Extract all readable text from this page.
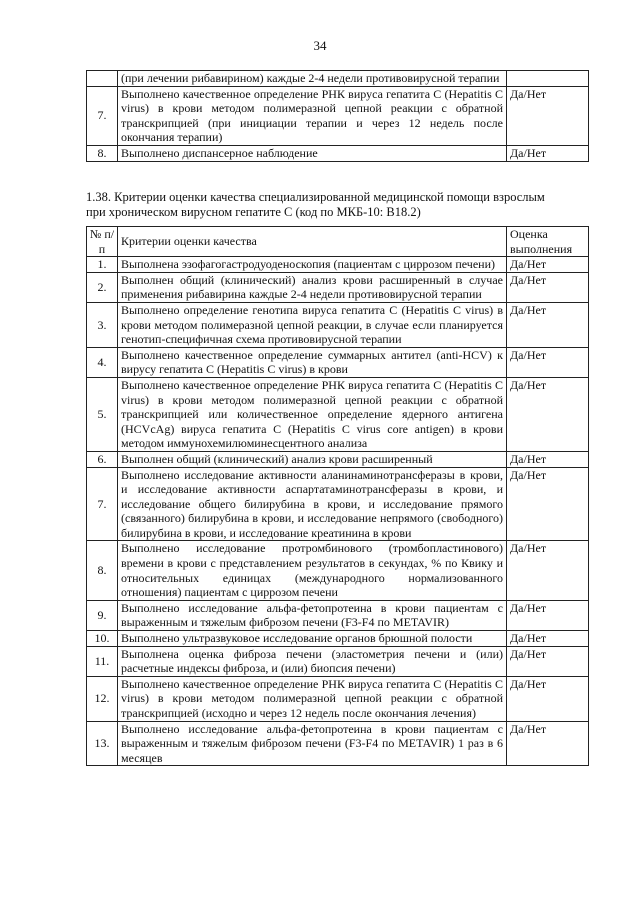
34
	(при лечении рибавирином) каждые 2-4 недели противовирусной терапии	
7.	Выполнено качественное определение РНК вируса гепатита С (Hepatitis C virus) в крови методом полимеразной цепной реакции с обратной транскрипцией (при инициации терапии и через 12 недель после окончания терапии)	Да/Нет
8.	Выполнено диспансерное наблюдение	Да/Нет
1.38. Критерии оценки качества специализированной медицинской помощи взрослым
при хроническом вирусном гепатите С (код по МКБ-10: B18.2)
№ п/п	Критерии оценки качества	Оценка выполнения
1.	Выполнена эзофагогастродуоденоскопия (пациентам с циррозом печени)	Да/Нет
2.	Выполнен общий (клинический) анализ крови расширенный в случае применения рибавирина каждые 2-4 недели противовирусной терапии	Да/Нет
3.	Выполнено определение генотипа вируса гепатита С (Hepatitis C virus) в крови методом полимеразной цепной реакции, в случае если планируется генотип-специфичная схема противовирусной терапии	Да/Нет
4.	Выполнено качественное определение суммарных антител (anti-HCV) к вирусу гепатита С (Hepatitis C virus) в крови	Да/Нет
5.	Выполнено качественное определение РНК вируса гепатита С (Hepatitis C virus) в крови методом полимеразной цепной реакции с обратной транскрипцией или количественное определение ядерного антигена (HCVcAg) вируса гепатита С (Hepatitis C virus core antigen) в крови методом иммунохемилюминесцентного анализа	Да/Нет
6.	Выполнен общий (клинический) анализ крови расширенный	Да/Нет
7.	Выполнено исследование активности аланинаминотрансферазы в крови, и исследование активности аспартатаминотрансферазы в крови, и исследование общего билирубина в крови, и исследование прямого (связанного) билирубина в крови, и исследование непрямого (свободного) билирубина в крови, и исследование креатинина в крови	Да/Нет
8.	Выполнено исследование протромбинового (тромбопластинового) времени в крови с представлением результатов в секундах, % по Квику и относительных единицах (международного нормализованного отношения) пациентам с циррозом печени	Да/Нет
9.	Выполнено исследование альфа-фетопротеина в крови пациентам с выраженным и тяжелым фиброзом печени (F3-F4 по METAVIR)	Да/Нет
10.	Выполнено ультразвуковое исследование органов брюшной полости	Да/Нет
11.	Выполнена оценка фиброза печени (эластометрия печени и (или) расчетные индексы фиброза, и (или) биопсия печени)	Да/Нет
12.	Выполнено качественное определение РНК вируса гепатита С (Hepatitis C virus) в крови методом полимеразной цепной реакции с обратной транскрипцией (исходно и через 12 недель после окончания лечения)	Да/Нет
13.	Выполнено исследование альфа-фетопротеина в крови пациентам с выраженным и тяжелым фиброзом печени (F3-F4 по METAVIR) 1 раз в 6 месяцев	Да/Нет
